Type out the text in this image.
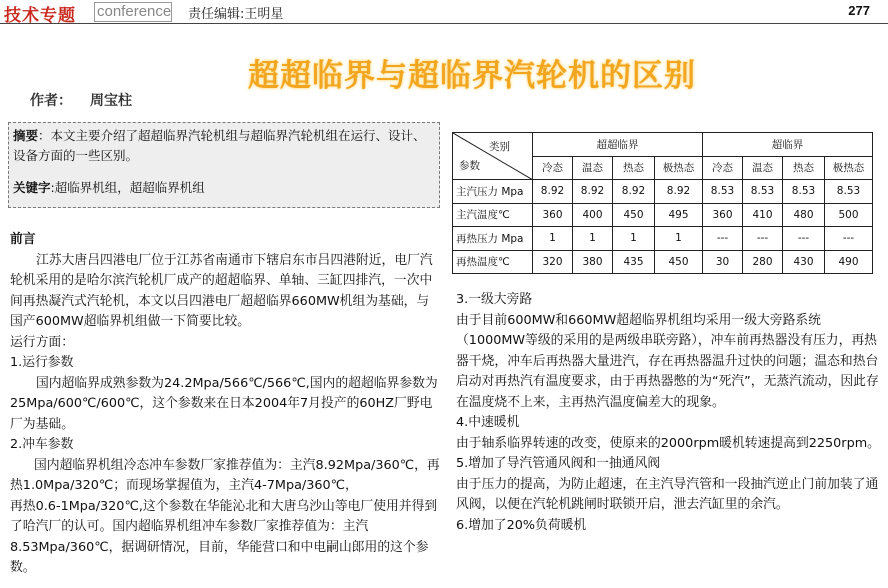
技术专题 conference 责任编辑:王明星	277
超超临界与超临界汽轮机的区别
作者： 周宝柱
摘要：本文主要介绍了超超临界汽轮机组与超临界汽轮机组在运行、设计、设备方面的一些区别。
关键字:超临界机组，超超临界机组

前言

江苏大唐吕四港电厂位于江苏省南通市下辖启东市吕四港附近，电厂汽轮机采用的是哈尔滨汽轮机厂成产的超超临界、单轴、三缸四排汽，一次中间再热凝汽式汽轮机，本文以吕四港电厂超超临界660MW机组为基础，与国产600MW超临界机组做一下简要比较。

运行方面：

1.运行参数

国内超临界成熟参数为24.2Mpa/566℃/566℃,国内的超超临界参数为25Mpa/600℃/600℃，这个参数来在日本2004年7月投产的60HZ厂野电厂为基础。

2.冲车参数

国内超临界机组冷态冲车参数厂家推荐值为：主汽8.92Mpa/360℃，再热1.0Mpa/320℃；而现场掌握值为，主汽4-7Mpa/360℃，

再热0.6-1Mpa/320℃,这个参数在华能沁北和大唐乌沙山等电厂使用并得到了哈汽厂的认可。国内超临界机组冲车参数厂家推荐值为：主汽8.53Mpa/360℃，据调研情况，目前，华能营口和中电嗣山郎用的这个参数。

类别
参数	超超临界				超临界			
	冷态	温态	热态	极热态	冷态	温态	热态	极热态
主汽压力 Mpa	8.92	8.92	8.92	8.92	8.53	8.53	8.53	8.53
主汽温度℃	360	400	450	495	360	410	480	500
再热压力 Mpa	1	1	1	1	---	---	---	---
再热温度℃	320	380	435	450	30	280	430	490

3.一级大旁路

由于目前600MW和660MW超超临界机组均采用一级大旁路系统（1000MW等级的采用的是两级串联旁路），冲车前再热器没有压力，再热器干烧，冲车后再热器大量进汽，存在再热器温升过快的问题；温态和热台启动对再热汽有温度要求，由于再热器憋的为“死汽”，无蒸汽流动，因此存在温度烧不上来，主再热汽温度偏差大的现象。

4.中速暖机

由于轴系临界转速的改变，使原来的2000rpm暖机转速提高到2250rpm。

5.增加了导汽管通风阀和一抽通风阀

由于压力的提高，为防止超速，在主汽导汽管和一段抽汽逆止门前加装了通风阀，以便在汽轮机跳闸时联锁开启，泄去汽缸里的余汽。

6.增加了20%负荷暖机
